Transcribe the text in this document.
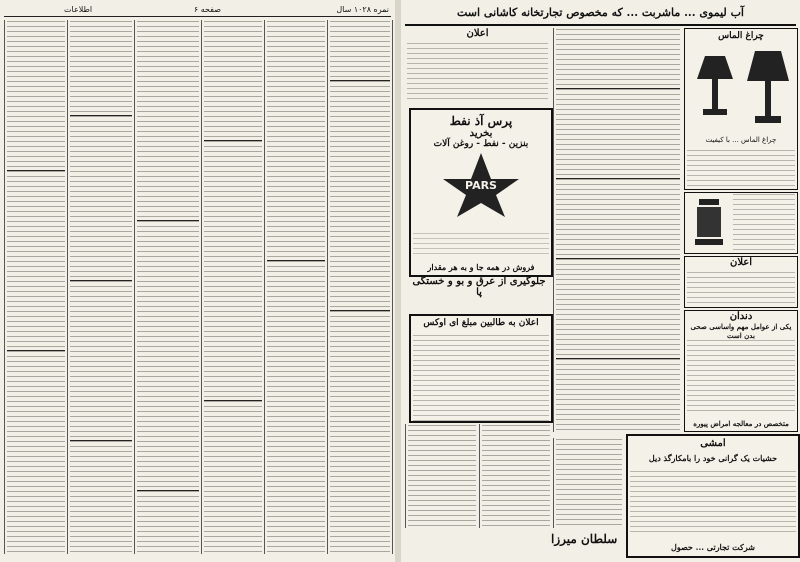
نمره ۱۰۲۸ سال
صفحه ۶
اطلاعات	آب لیموی ... ماشربت ... که مخصوص تجارتخانه کاشانی است
چراغ الماس
چراغ الماس ... با کیفیت
اعلان
دندان
یکی از عوامل مهم واساسی صحی بدن است
متخصص در معالجه امراض پیوره
امشی
حشیات یک گرانی خود را بامکارگذ دیل
شرکت تجارتی ... حصول
اعلان
پرس آذ نفط
بخرید
بنزین - نفط - روغن آلات
PARS
فروش در همه جا و به هر مقدار
جلوگیری از عرق و بو و خستگی پا
اعلان به طالبین مبلغ ای اوکس
سلطان میرزا
